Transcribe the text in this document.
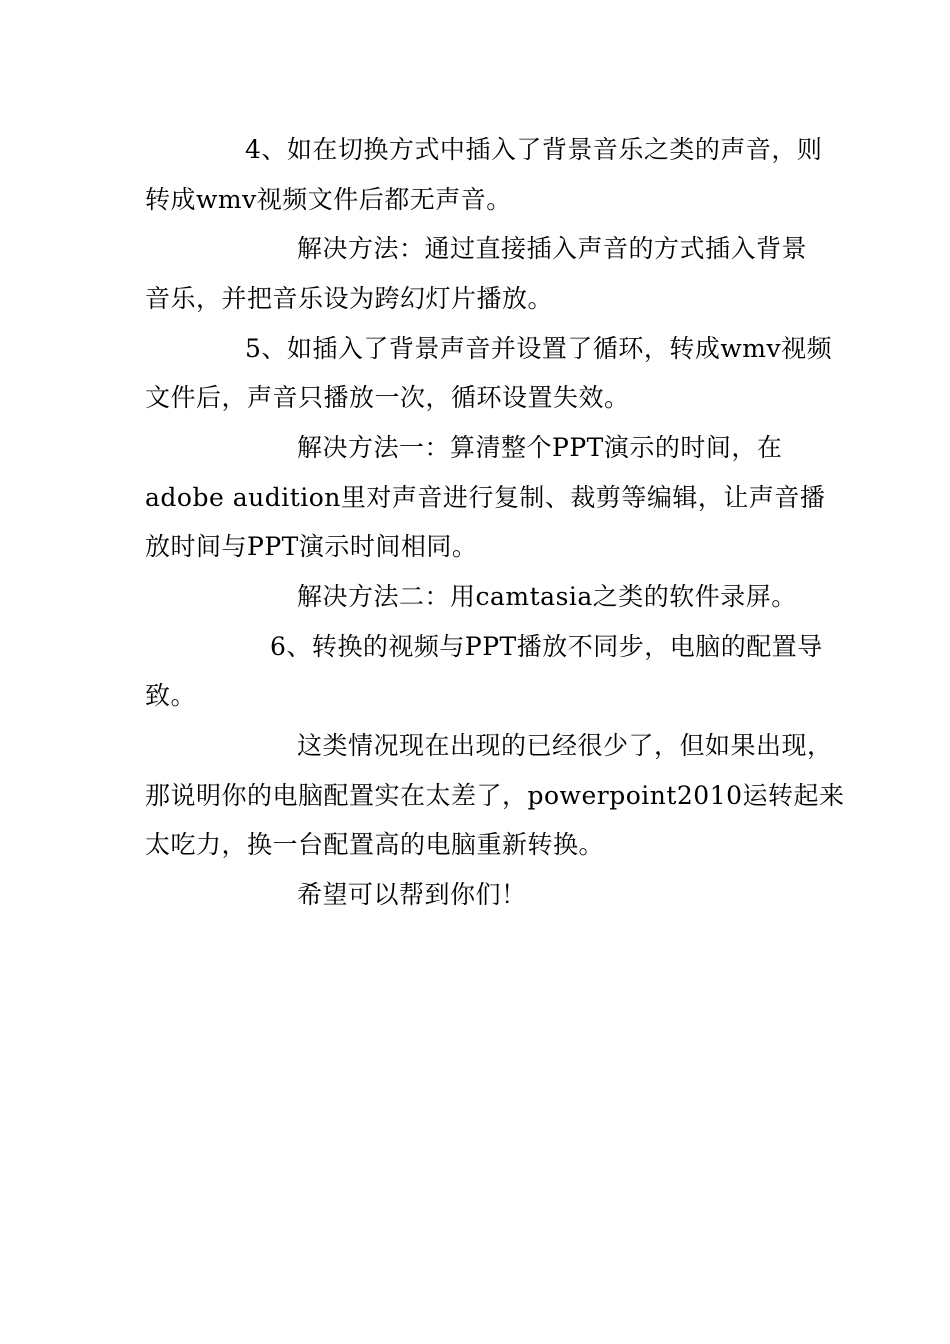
4、如在切换方式中插入了背景音乐之类的声音，则
转成wmv视频文件后都无声音。
解决方法：通过直接插入声音的方式插入背景
音乐，并把音乐设为跨幻灯片播放。
5、如插入了背景声音并设置了循环，转成wmv视频
文件后，声音只播放一次，循环设置失效。
解决方法一：算清整个PPT演示的时间，在
adobe audition里对声音进行复制、裁剪等编辑，让声音播
放时间与PPT演示时间相同。
解决方法二：用camtasia之类的软件录屏。
6、转换的视频与PPT播放不同步，电脑的配置导
致。
这类情况现在出现的已经很少了，但如果出现，
那说明你的电脑配置实在太差了，powerpoint2010运转起来
太吃力，换一台配置高的电脑重新转换。
希望可以帮到你们！
